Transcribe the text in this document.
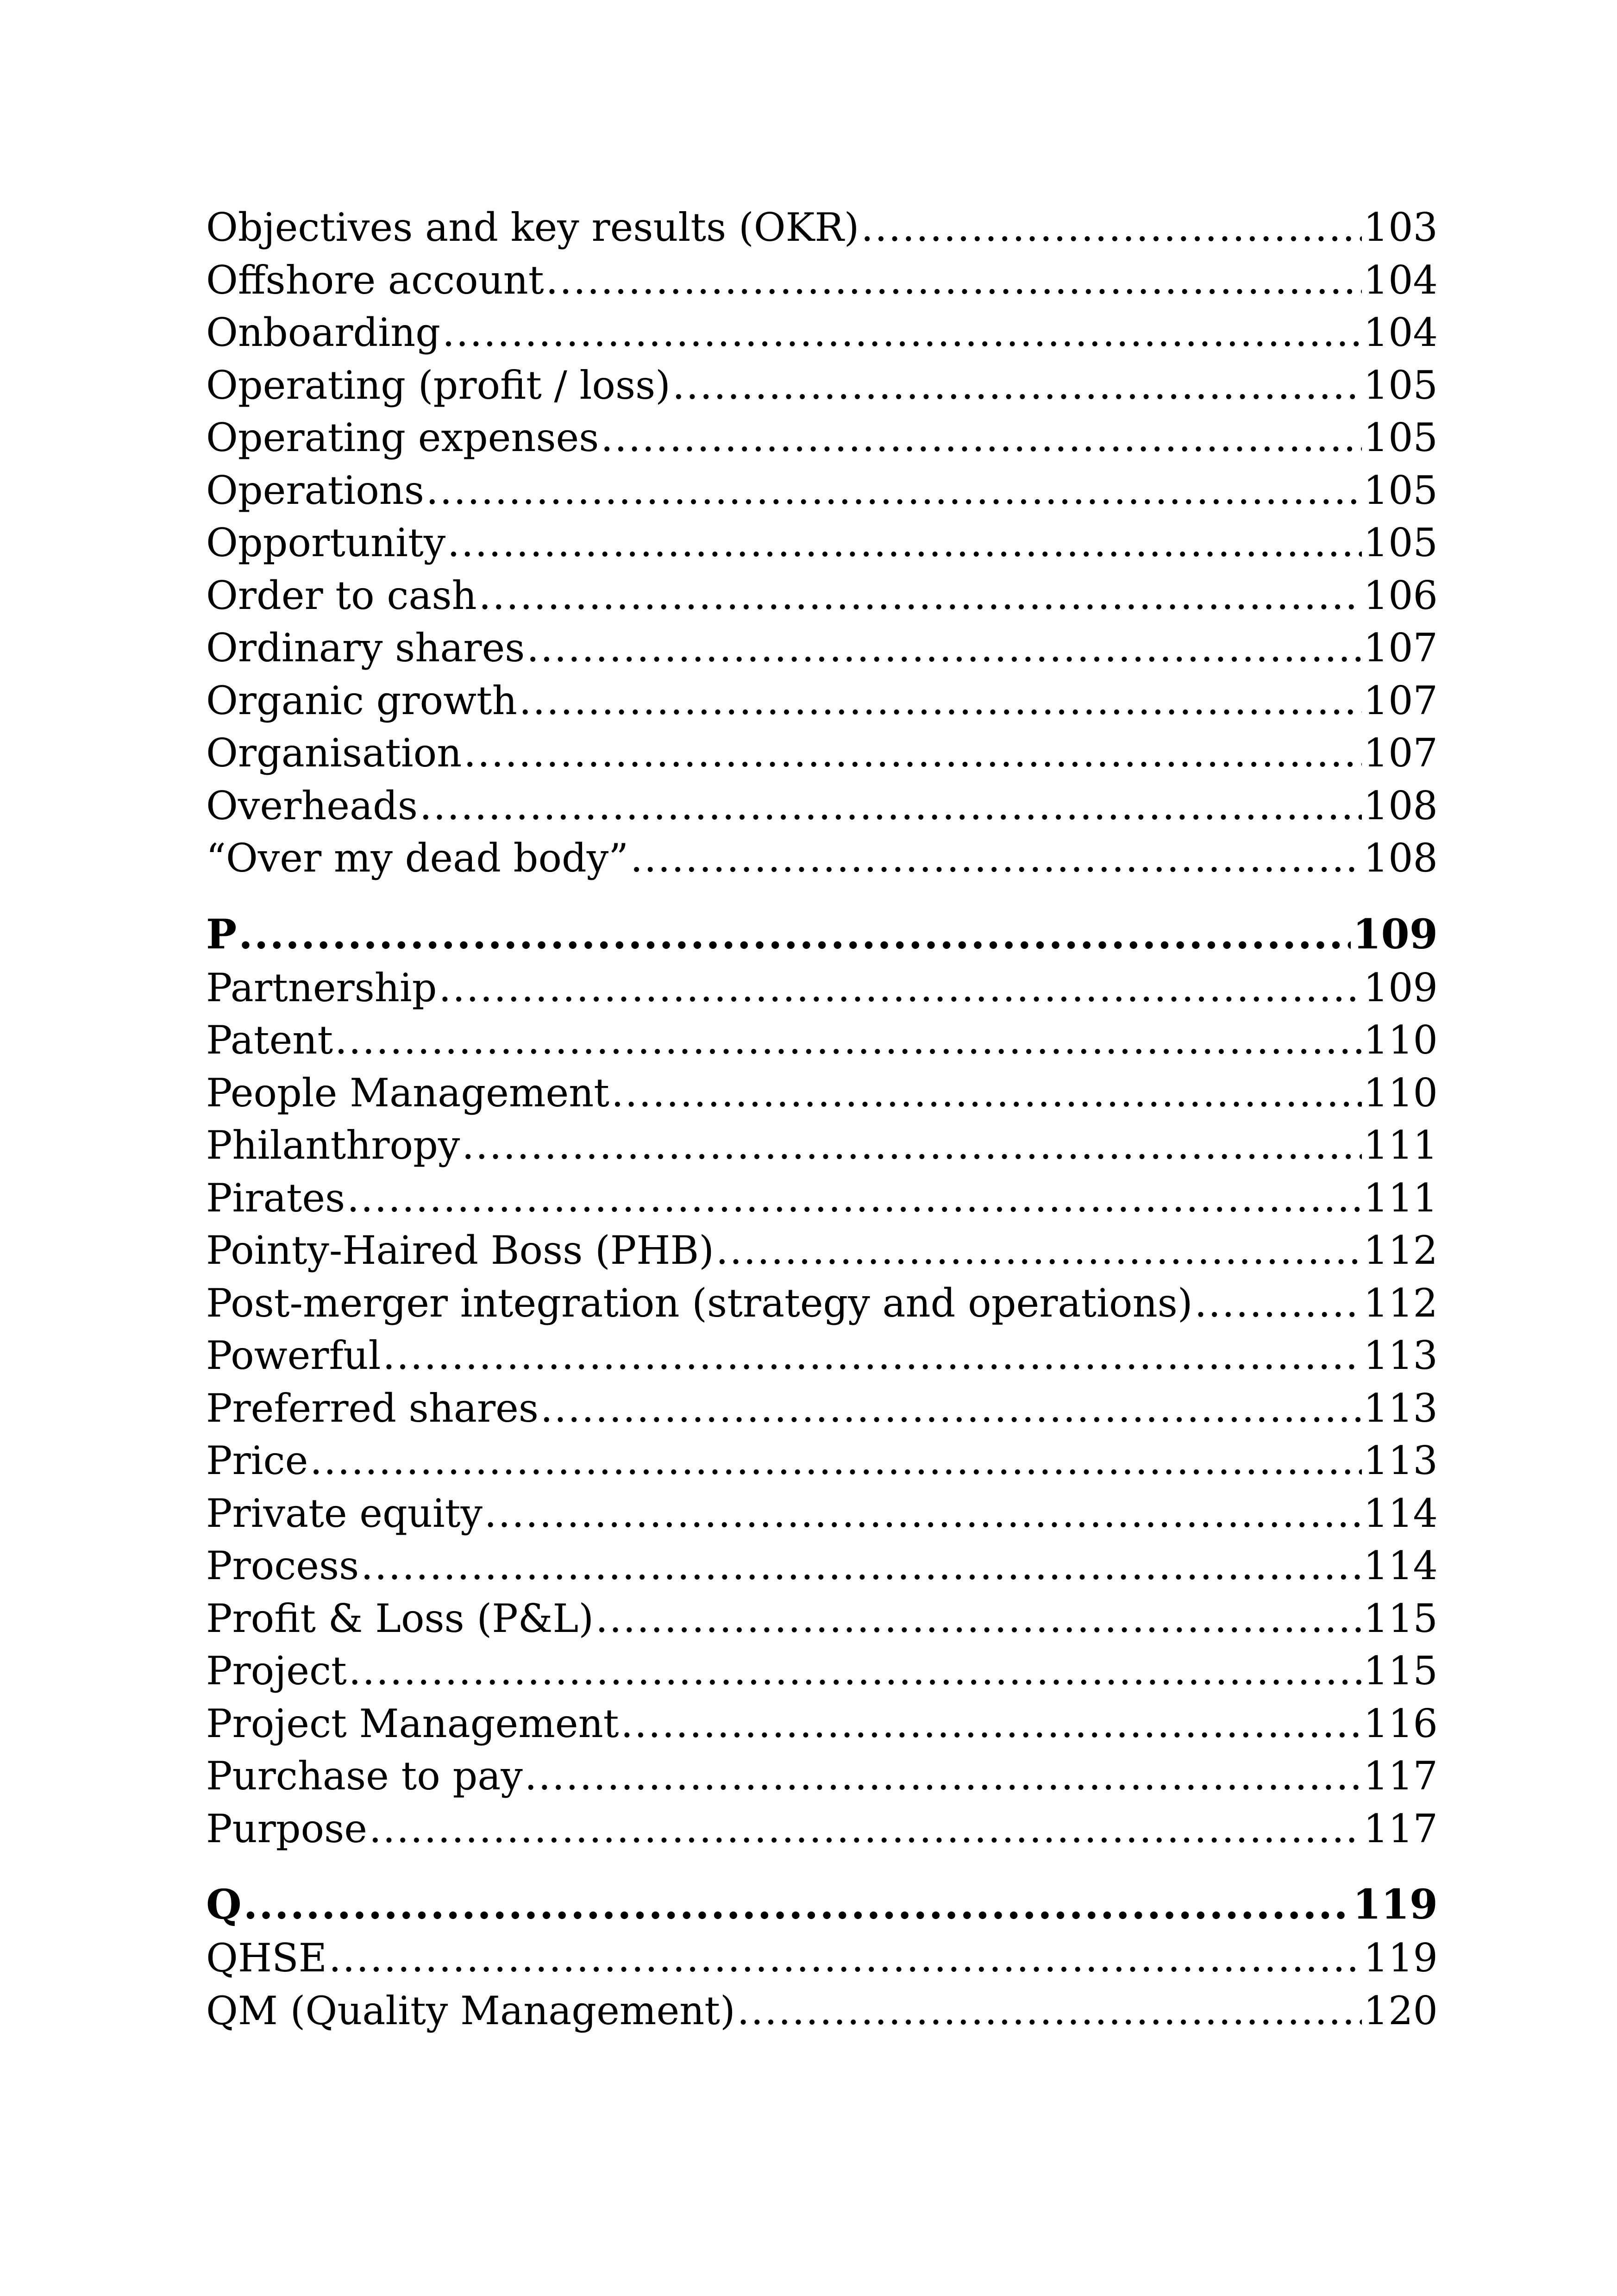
Objectives and key results (OKR) .....	103
Offshore account .....	104
Onboarding .....	104
Operating (profit / loss) .....	105
Operating expenses .....	105
Operations .....	105
Opportunity .....	105
Order to cash .....	106
Ordinary shares .....	107
Organic growth .....	107
Organisation .....	107
Overheads .....	108
“Over my dead body” .....	108
P .....	109
Partnership .....	109
Patent .....	110
People Management .....	110
Philanthropy .....	111
Pirates .....	111
Pointy-Haired Boss (PHB) .....	112
Post-merger integration (strategy and operations) .....	112
Powerful .....	113
Preferred shares .....	113
Price .....	113
Private equity .....	114
Process .....	114
Profit & Loss (P&L) .....	115
Project .....	115
Project Management .....	116
Purchase to pay .....	117
Purpose .....	117
Q .....	119
QHSE .....	119
QM (Quality Management) .....	120
